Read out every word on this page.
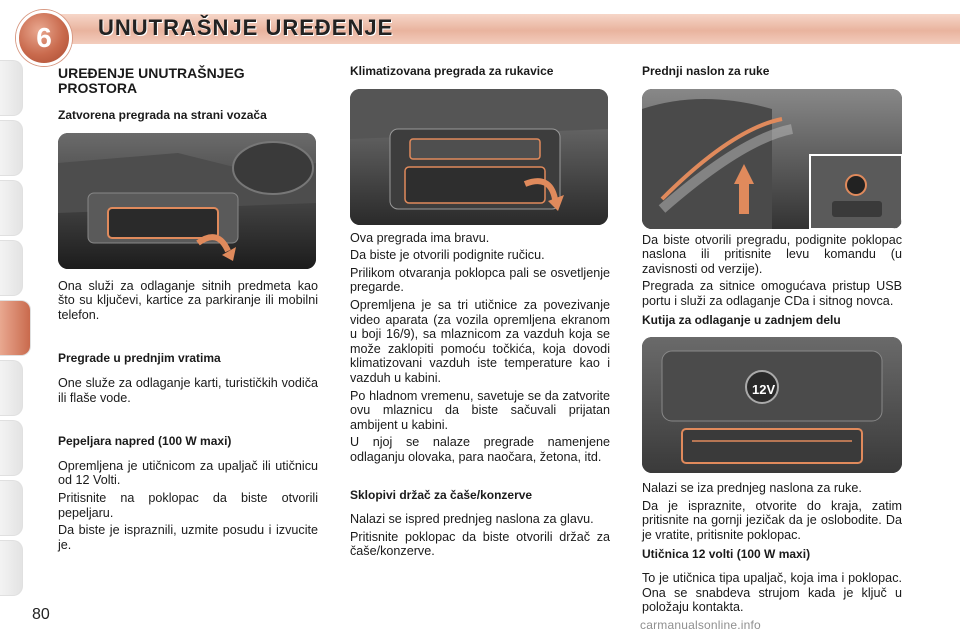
6	UNUTRAŠNJE UREĐENJE
UREĐENJE UNUTRAŠNJEG PROSTORA
Zatvorena pregrada na strani vozača

Ona služi za odlaganje sitnih predmeta kao što su ključevi, kartice za parkiranje ili mobilni telefon.

Pregrade u prednjim vratima

One služe za odlaganje karti, turističkih vodiča ili flaše vode.

Pepeljara napred (100 W maxi)

Opremljena je utičnicom za upaljač ili utičnicu od 12 Volti.

Pritisnite na poklopac da biste otvorili pepeljaru.

Da biste je ispraznili, uzmite posudu i izvucite je.

Klimatizovana pregrada za rukavice

Ova pregrada ima bravu.

Da biste je otvorili podignite ručicu.

Prilikom otvaranja poklopca pali se osvetljenje pregarde.

Opremljena je sa tri utičnice za povezivanje video aparata (za vozila opremljena ekranom u boji 16/9), sa mlaznicom za vazduh koja se može zaklopiti pomoću točkića, koja dovodi klimatizovani vazduh iste temperature kao i vazduh u kabini.

Po hladnom vremenu, savetuje se da zatvorite ovu mlaznicu da biste sačuvali prijatan ambijent u kabini.

U njoj se nalaze pregrade namenjene odlaganju olovaka, para naočara, žetona, itd.

Sklopivi držač za čaše/konzerve

Nalazi se ispred prednjeg naslona za glavu.

Pritisnite poklopac da biste otvorili držač za čaše/konzerve.

Prednji naslon za ruke

Da biste otvorili pregradu, podignite poklopac naslona ili pritisnite levu komandu (u zavisnosti od verzije).

Pregrada za sitnice omogućava pristup USB portu i služi za odlaganje CDa i sitnog novca.

Kutija za odlaganje u zadnjem delu
12V

Nalazi se iza prednjeg naslona za ruke.

Da je ispraznite, otvorite do kraja, zatim pritisnite na gornji jezičak da je oslobodite. Da je vratite, pritisnite poklopac.

Utičnica 12 volti (100 W maxi)

To je utičnica tipa upaljač, koja ima i poklopac. Ona se snabdeva strujom kada je ključ u položaju kontakta.

80
carmanualsonline.info
